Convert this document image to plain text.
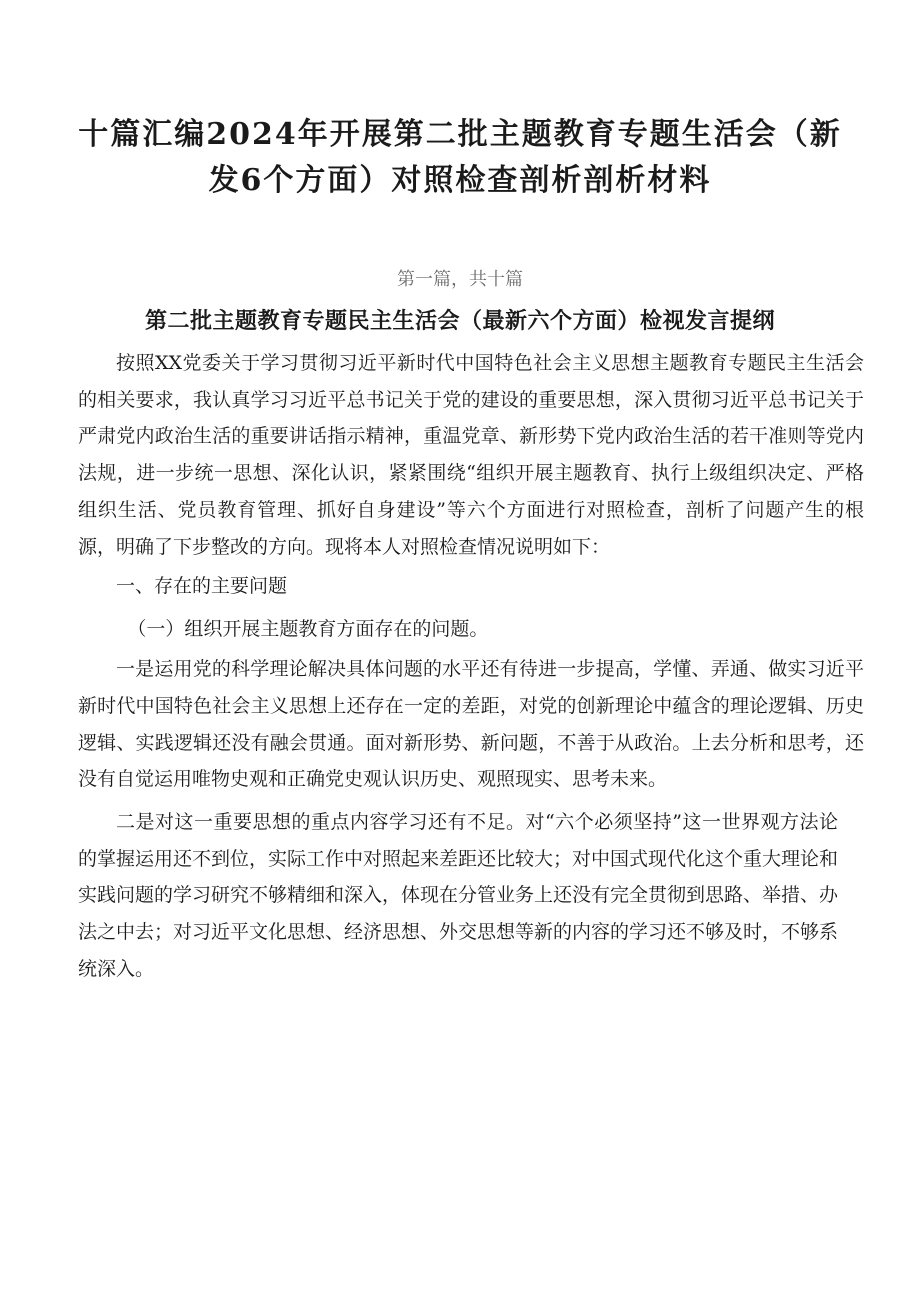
十篇汇编2024年开展第二批主题教育专题生活会（新发6个方面）对照检查剖析剖析材料

第一篇，共十篇

第二批主题教育专题民主生活会（最新六个方面）检视发言提纲

按照XX党委关于学习贯彻习近平新时代中国特色社会主义思想主题教育专题民主生活会的相关要求，我认真学习习近平总书记关于党的建设的重要思想，深入贯彻习近平总书记关于严肃党内政治生活的重要讲话指示精神，重温党章、新形势下党内政治生活的若干准则等党内法规，进一步统一思想、深化认识，紧紧围绕“组织开展主题教育、执行上级组织决定、严格组织生活、党员教育管理、抓好自身建设”等六个方面进行对照检查，剖析了问题产生的根源，明确了下步整改的方向。现将本人对照检查情况说明如下：

一、存在的主要问题

（一）组织开展主题教育方面存在的问题。

一是运用党的科学理论解决具体问题的水平还有待进一步提高，学懂、弄通、做实习近平新时代中国特色社会主义思想上还存在一定的差距，对党的创新理论中蕴含的理论逻辑、历史逻辑、实践逻辑还没有融会贯通。面对新形势、新问题，不善于从政治。上去分析和思考，还没有自觉运用唯物史观和正确党史观认识历史、观照现实、思考未来。

二是对这一重要思想的重点内容学习还有不足。对“六个必须坚持”这一世界观方法论的掌握运用还不到位，实际工作中对照起来差距还比较大；对中国式现代化这个重大理论和实践问题的学习研究不够精细和深入，体现在分管业务上还没有完全贯彻到思路、举措、办法之中去；对习近平文化思想、经济思想、外交思想等新的内容的学习还不够及时，不够系统深入。
